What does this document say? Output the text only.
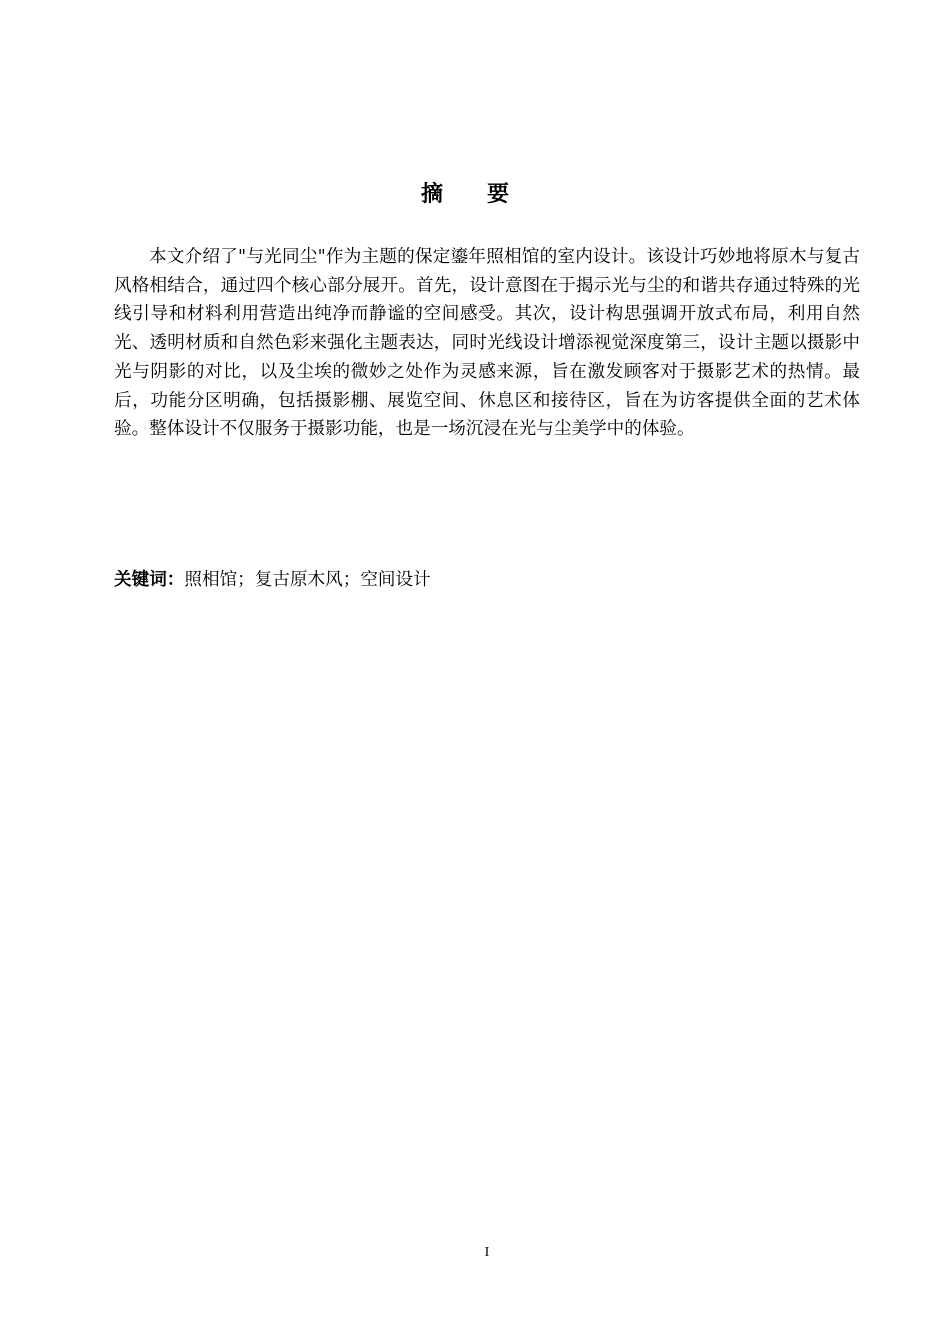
摘要

本文介绍了"与光同尘"作为主题的保定鎏年照相馆的室内设计。该设计巧妙地将原木与复古风格相结合，通过四个核心部分展开。首先，设计意图在于揭示光与尘的和谐共存通过特殊的光线引导和材料利用营造出纯净而静谧的空间感受。其次，设计构思强调开放式布局，利用自然光、透明材质和自然色彩来强化主题表达，同时光线设计增添视觉深度第三，设计主题以摄影中光与阴影的对比，以及尘埃的微妙之处作为灵感来源，旨在激发顾客对于摄影艺术的热情。最后，功能分区明确，包括摄影棚、展览空间、休息区和接待区，旨在为访客提供全面的艺术体验。整体设计不仅服务于摄影功能，也是一场沉浸在光与尘美学中的体验。

关键词：照相馆；复古原木风；空间设计
I
